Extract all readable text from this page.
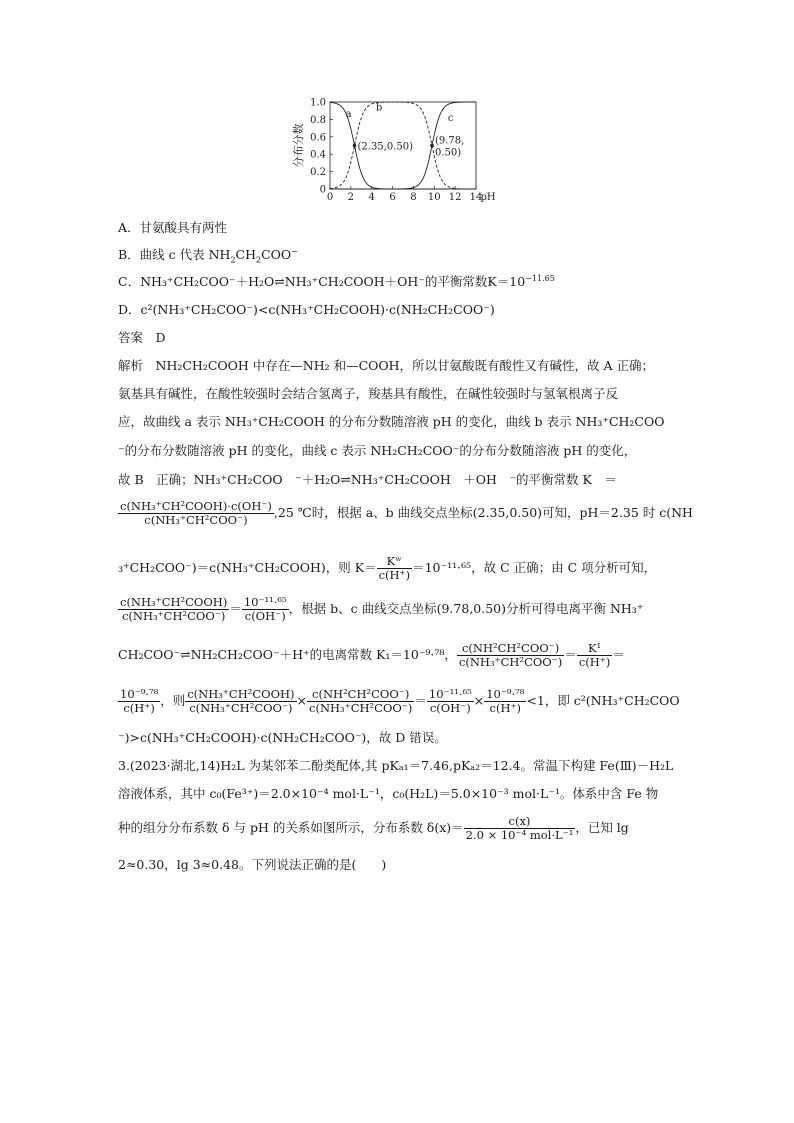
0 2 4 6 8 10 12 14
pH
0
0.2
0.4
0.6
0.8
1.0
分布分数
a
b
c
(2.35,0.50)
(9.78,
0.50)
A．甘氨酸具有两性
B．曲线 c 代表 $NH_2CH_2COO^-$
C．NH₃⁺CH₂COO⁻＋H₂O⇌NH₃⁺CH₂COOH＋OH⁻的平衡常数$K=10^{-11.65}$
D．c²(NH₃⁺CH₂COO⁻)<c(NH₃⁺CH₂COOH)·c(NH₂CH₂COO⁻)
答案　D
解析　NH₂CH₂COOH 中存在—NH₂ 和—COOH，所以甘氨酸既有酸性又有碱性，故 A 正确；
氨基具有碱性，在酸性较强时会结合氢离子，羧基具有酸性，在碱性较强时与氢氧根离子反
应，故曲线 a 表示 NH₃⁺CH₂COOH 的分布分数随溶液 pH 的变化，曲线 b 表示 NH₃⁺CH₂COO
⁻的分布分数随溶液 pH 的变化，曲线 c 表示 NH₂CH₂COO⁻的分布分数随溶液 pH 的变化，
故 B　正确；NH₃⁺CH₂COO　⁻＋H₂O⇌NH₃⁺CH₂COOH　＋OH　⁻的平衡常数 K　＝
$\frac{\text{c(NH₃⁺CH²COOH)·c(OH⁻)}}{\text{c(NH₃⁺CH²COO⁻)}} ,25$ ℃时，根据 a、b 曲线交点坐标(2.35,0.50)可知，pH＝2.35 时 c(NH
₃⁺CH₂COO⁻)＝c(NH₃⁺CH₂COOH)，则 $K= \frac{\text{Kʷ}}{c(H^+)} =10^{-11}\cdot^{65}$，故 C 正确；由 C 项分析可知，
$\frac{\text{c(NH₃⁺CH²COOH)}}{\text{c(NH₃⁺CH²COO⁻)}} = \frac{\text{10⁻¹¹·⁶⁵}}{c(OH^-)}$ ，根据 b、c 曲线交点坐标(9.78,0.50)分析可得电离平衡 NH₃⁺
CH₂COO⁻⇌NH₂CH₂COO⁻＋H⁺的电离常数 K₁＝10⁻⁹·⁷⁸， $\frac{\text{c(NH²CH²COO⁻)}}{\text{c(NH₃⁺CH²COO⁻)}} = \frac{\text{K¹}}{c(H^+)}$ ＝
$\frac{\text{10⁻⁹·⁷⁸}}{c(H^+)}$ ，则 $\frac{\text{c(NH₃⁺CH²COOH)}}{\text{c(NH₃⁺CH²COO⁻)}} \times \frac{\text{c(NH²CH²COO⁻)}}{\text{c(NH₃⁺CH²COO⁻)}} = \frac{\text{10⁻¹¹·⁶⁵}}{c(OH^-)} \times \frac{\text{10⁻⁹·⁷⁸}}{c(H^+)} <1$，即 c²(NH₃⁺CH₂COO
⁻)>c(NH₃⁺CH₂COOH)·c(NH₂CH₂COO⁻)，故 D 错误。
3.(2023·湖北,14)H₂L 为某邻苯二酚类配体,其 pKₐ₁＝7.46,pKₐ₂＝12.4。常温下构建 Fe(Ⅲ)－H₂L
溶液体系，其中 c₀(Fe³⁺)＝2.0×10⁻⁴ mol·L⁻¹，c₀(H₂L)＝5.0×10⁻³ mol·L⁻¹。体系中含 Fe 物
种的组分分布系数 δ 与 pH 的关系如图所示，分布系数 $\delta(x)= \frac{c(x)}{\text{2.0 × 10⁻⁴ mol·L⁻¹}}$ ，已知 lg
2≈0.30，lg 3≈0.48。下列说法正确的是(　　)
